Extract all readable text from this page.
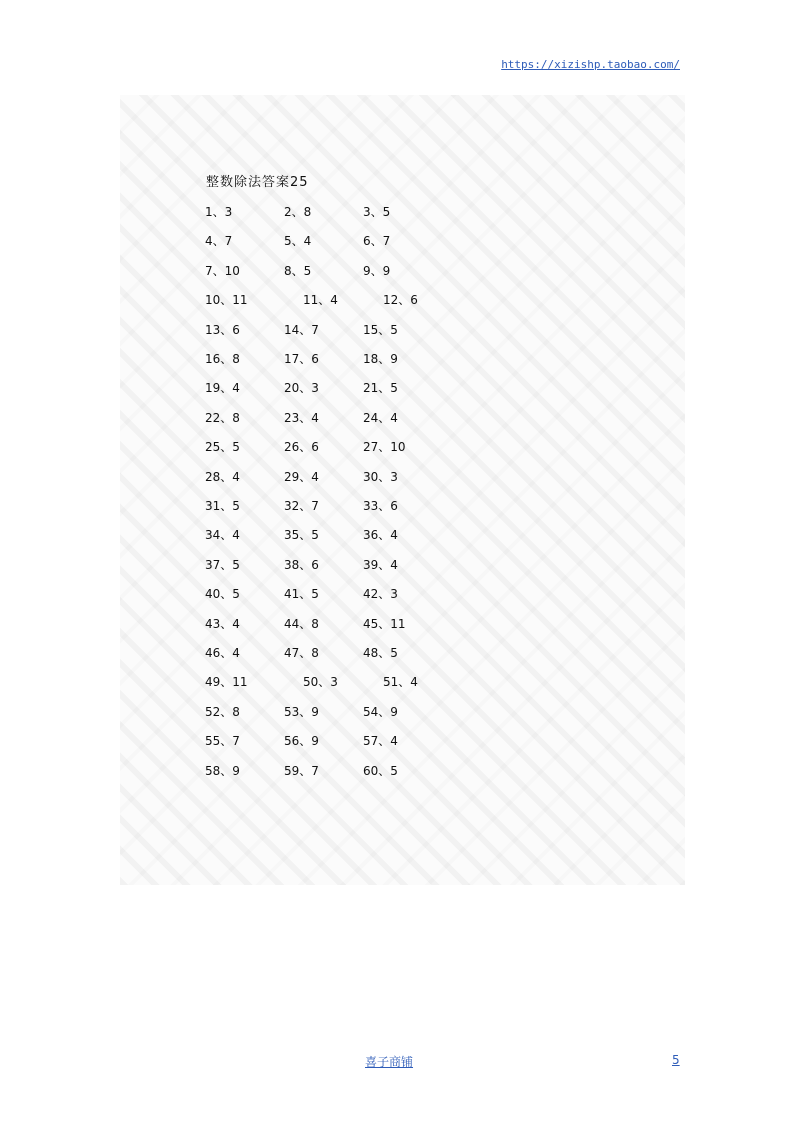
https://xizishp.taobao.com/
整数除法答案25
1、3	2、8	3、5
4、7	5、4	6、7
7、10	8、5	9、9
10、11	11、4	12、6
13、6	14、7	15、5
16、8	17、6	18、9
19、4	20、3	21、5
22、8	23、4	24、4
25、5	26、6	27、10
28、4	29、4	30、3
31、5	32、7	33、6
34、4	35、5	36、4
37、5	38、6	39、4
40、5	41、5	42、3
43、4	44、8	45、11
46、4	47、8	48、5
49、11	50、3	51、4
52、8	53、9	54、9
55、7	56、9	57、4
58、9	59、7	60、5
喜子商铺	5
